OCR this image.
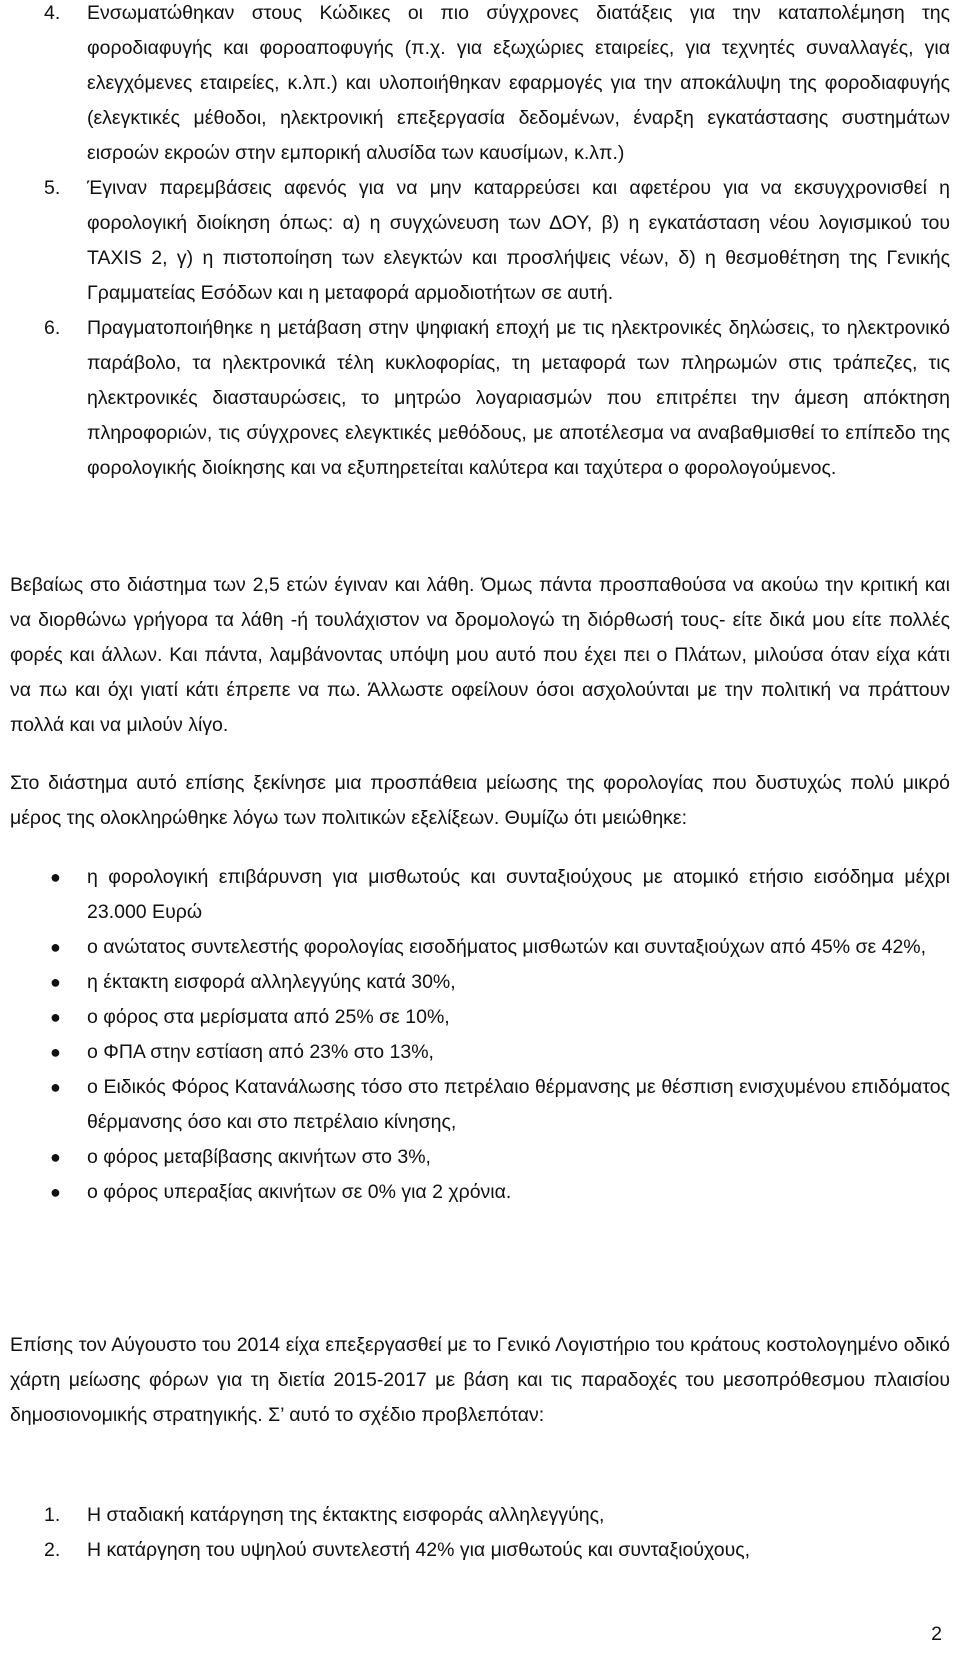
4.	Ενσωματώθηκαν στους Κώδικες οι πιο σύγχρονες διατάξεις για την καταπολέμηση της φοροδιαφυγής και φοροαποφυγής (π.χ. για εξωχώριες εταιρείες, για τεχνητές συναλλαγές, για ελεγχόμενες εταιρείες, κ.λπ.) και υλοποιήθηκαν εφαρμογές για την αποκάλυψη της φοροδιαφυγής (ελεγκτικές μέθοδοι, ηλεκτρονική επεξεργασία δεδομένων, έναρξη εγκατάστασης συστημάτων εισροών εκροών στην εμπορική αλυσίδα των καυσίμων, κ.λπ.)
5.	Έγιναν παρεμβάσεις αφενός για να μην καταρρεύσει και αφετέρου για να εκσυγχρονισθεί η φορολογική διοίκηση όπως: α) η συγχώνευση των ΔΟΥ, β) η εγκατάσταση νέου λογισμικού του TAXIS 2, γ) η πιστοποίηση των ελεγκτών και προσλήψεις νέων, δ) η θεσμοθέτηση της Γενικής Γραμματείας Εσόδων και η μεταφορά αρμοδιοτήτων σε αυτή.
6.	Πραγματοποιήθηκε η μετάβαση στην ψηφιακή εποχή με τις ηλεκτρονικές δηλώσεις, το ηλεκτρονικό παράβολο, τα ηλεκτρονικά τέλη κυκλοφορίας, τη μεταφορά των πληρωμών στις τράπεζες, τις ηλεκτρονικές διασταυρώσεις, το μητρώο λογαριασμών που επιτρέπει την άμεση απόκτηση πληροφοριών, τις σύγχρονες ελεγκτικές μεθόδους, με αποτέλεσμα να αναβαθμισθεί το επίπεδο της φορολογικής διοίκησης και να εξυπηρετείται καλύτερα και ταχύτερα ο φορολογούμενος.

Βεβαίως στο διάστημα των 2,5 ετών έγιναν και λάθη. Όμως πάντα προσπαθούσα να ακούω την κριτική και να διορθώνω γρήγορα τα λάθη -ή τουλάχιστον να δρομολογώ τη διόρθωσή τους- είτε δικά μου είτε πολλές φορές και άλλων. Και πάντα, λαμβάνοντας υπόψη μου αυτό που έχει πει ο Πλάτων, μιλούσα όταν είχα κάτι να πω και όχι γιατί κάτι έπρεπε να πω. Άλλωστε οφείλουν όσοι ασχολούνται με την πολιτική να πράττουν πολλά και να μιλούν λίγο.

Στο διάστημα αυτό επίσης ξεκίνησε μια προσπάθεια μείωσης της φορολογίας που δυστυχώς πολύ μικρό μέρος της ολοκληρώθηκε λόγω των πολιτικών εξελίξεων. Θυμίζω ότι μειώθηκε:

●	η φορολογική επιβάρυνση για μισθωτούς και συνταξιούχους με ατομικό ετήσιο εισόδημα μέχρι 23.000 Ευρώ
●	ο ανώτατος συντελεστής φορολογίας εισοδήματος μισθωτών και συνταξιούχων από 45% σε 42%,
●	η έκτακτη εισφορά αλληλεγγύης κατά 30%,
●	ο φόρος στα μερίσματα από 25% σε 10%,
●	ο ΦΠΑ στην εστίαση από 23% στο 13%,
●	ο Ειδικός Φόρος Κατανάλωσης τόσο στο πετρέλαιο θέρμανσης με θέσπιση ενισχυμένου επιδόματος θέρμανσης όσο και στο πετρέλαιο κίνησης,
●	ο φόρος μεταβίβασης ακινήτων στο 3%,
●	ο φόρος υπεραξίας ακινήτων σε 0% για 2 χρόνια.

Επίσης τον Αύγουστο του 2014 είχα επεξεργασθεί με το Γενικό Λογιστήριο του κράτους κοστολογημένο οδικό χάρτη μείωσης φόρων για τη διετία 2015-2017 με βάση και τις παραδοχές του μεσοπρόθεσμου πλαισίου δημοσιονομικής στρατηγικής. Σ’ αυτό το σχέδιο προβλεπόταν:

1.	Η σταδιακή κατάργηση της έκτακτης εισφοράς αλληλεγγύης,
2.	Η κατάργηση του υψηλού συντελεστή 42% για μισθωτούς και συνταξιούχους,
2
